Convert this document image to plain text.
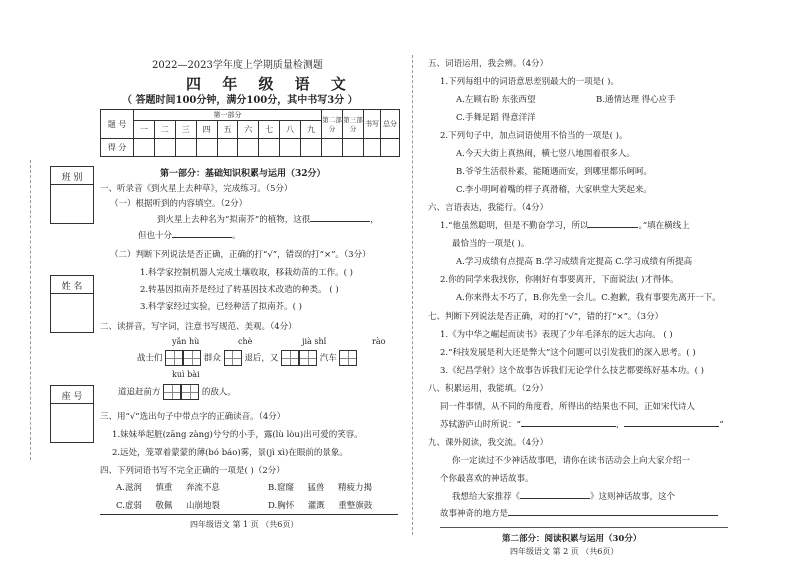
2022—2023学年度上学期质量检测题
四 年 级 语 文
（ 答题时间100分钟，满分100分，其中书写3分 ）
题 号	第一部分									第二部分	第三部分	书写	总分
	一	二	三	四	五	六	七	八	九				
得 分													
班 别
姓 名
座 号
第一部分：基础知识积累与运用（32分）
一、听录音《到火星上去种草》，完成练习。（5分）
（一）根据听到的内容填空。（2分）
到火星上去种名为“拟南芥”的植物，这很	，
但也十分	。
（二）判断下列说法是否正确，正确的打“√”，错误的打“×”。（3分）
1.科学家控制机器人完成土壤收取，移栽幼苗的工作。( )
2.转基因拟南芥是经过了转基因技术改造的种类。 ( )
3.科学家经过实验，已经种活了拟南芥。( )
二、读拼音，写字词，注意书写规范、美观。（4分）
yǎn hù	chè	jià shǐ	rào
战士们	群众	退后，又	汽车
kuì bài
道追赶前方	的敌人。
三、用“√”选出句子中带点字的正确读音。（4分）
1.妹妹举起脏(zāng zàng)兮兮的小手，露(lù lòu)出可爱的笑容。
2.远处，笼罩着蒙蒙的薄(bó báo)雾，景(jì xì)在眼前的景象。
四、下列词语书写不完全正确的一项是( )（2分）
A.滋润 慎重 奔流不息	B.窟窿 猛兽 精疲力揭
C.虚弱 敬佩 山崩地裂	D.胸怀 灌溉 重整旗鼓
四年级语文 第 1 页 （共6页）
五、词语运用，我会辨。（4分）
1.下列每组中的词语意思差别最大的一项是( )。
A.左顾右盼 东张西望	B.通情达理 得心应手
C.手舞足蹈 得意洋洋
2.下列句子中，加点词语使用不恰当的一项是( )。
A.今天大街上真热闹，横七竖八地围着很多人。
B.爷爷生活很朴素，能随遇而安，到哪里都乐呵呵。
C.李小明呵着嘴的样子真滑稽，大家哄堂大笑起来。
六、言语表达，我能行。（4分）
1.“他虽然聪明，但是不勤奋学习，所以	。”填在横线上
最恰当的一项是( )。
A.学习成绩有点提高 B.学习成绩肯定提高 C.学习成绩有所提高
2.你的同学来我找你，你刚好有事要离开，下面说法( )才得体。
A.你来得太不巧了，B.你先坐一会儿。C.抱歉，我有事要先离开一下。
七、判断下列说法是否正确，对的打“√”，错的打“×”。（3分）
1.《为中华之崛起而读书》表现了少年毛泽东的远大志向。 ( )
2.“科技发展是利大还是弊大”这个问题可以引发我们的深入思考。( )
3.《纪昌学射》这个故事告诉我们无论学什么技艺都要练好基本功。( )
八、积累运用，我能填。（2分）
同一件事情，从不同的角度看，所得出的结果也不同，正如宋代诗人
苏轼游庐山时所说：“	，	”
九、课外阅读，我交流。（4分）
你一定读过不少神话故事吧，请你在读书活动会上向大家介绍一
个你最喜欢的神话故事。
我想给大家推荐《	》这则神话故事，这个
故事神奇的地方是
第二部分：阅读积累与运用（30分）
四年级语文 第 2 页 （共6页）
